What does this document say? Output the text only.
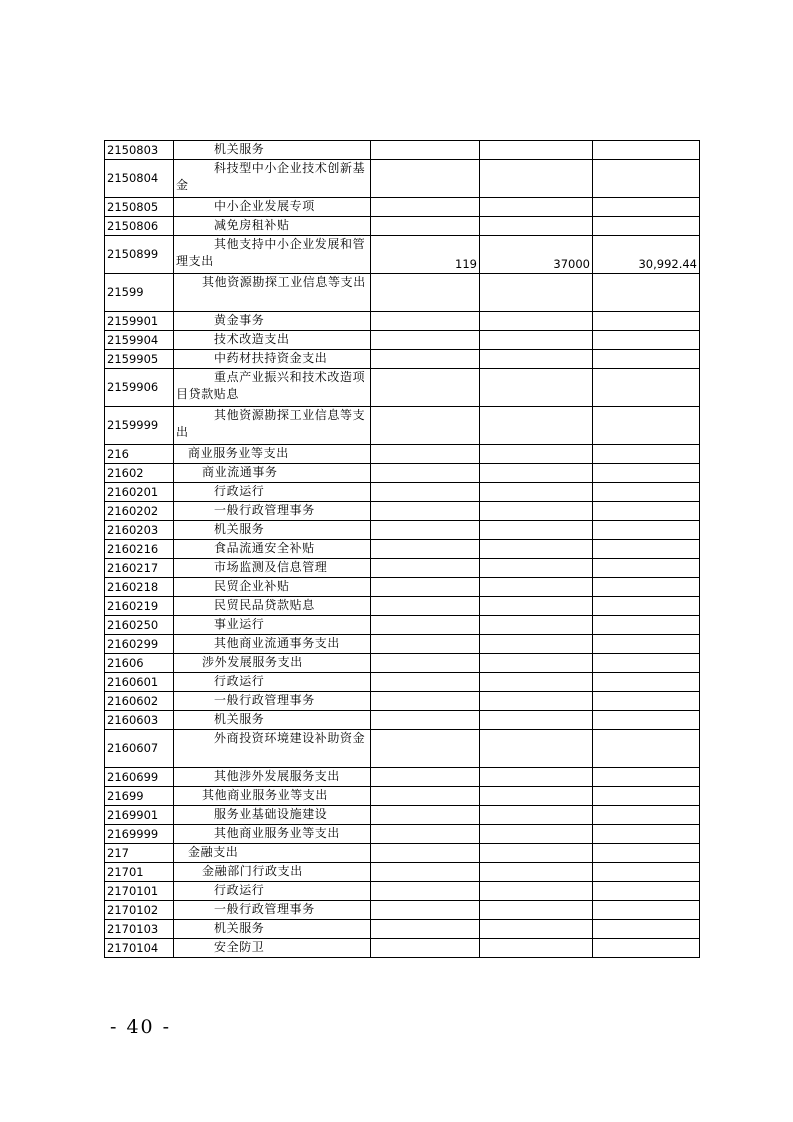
2150803	机关服务			
2150804	科技型中小企业技术创新基金			
2150805	中小企业发展专项			
2150806	减免房租补贴			
2150899	其他支持中小企业发展和管理支出	119	37000	30,992.44
21599	其他资源勘探工业信息等支出			
2159901	黄金事务			
2159904	技术改造支出			
2159905	中药材扶持资金支出			
2159906	重点产业振兴和技术改造项目贷款贴息			
2159999	其他资源勘探工业信息等支出			
216	商业服务业等支出			
21602	商业流通事务			
2160201	行政运行			
2160202	一般行政管理事务			
2160203	机关服务			
2160216	食品流通安全补贴			
2160217	市场监测及信息管理			
2160218	民贸企业补贴			
2160219	民贸民品贷款贴息			
2160250	事业运行			
2160299	其他商业流通事务支出			
21606	涉外发展服务支出			
2160601	行政运行			
2160602	一般行政管理事务			
2160603	机关服务			
2160607	外商投资环境建设补助资金			
2160699	其他涉外发展服务支出			
21699	其他商业服务业等支出			
2169901	服务业基础设施建设			
2169999	其他商业服务业等支出			
217	金融支出			
21701	金融部门行政支出			
2170101	行政运行			
2170102	一般行政管理事务			
2170103	机关服务			
2170104	安全防卫			
- 40 -
